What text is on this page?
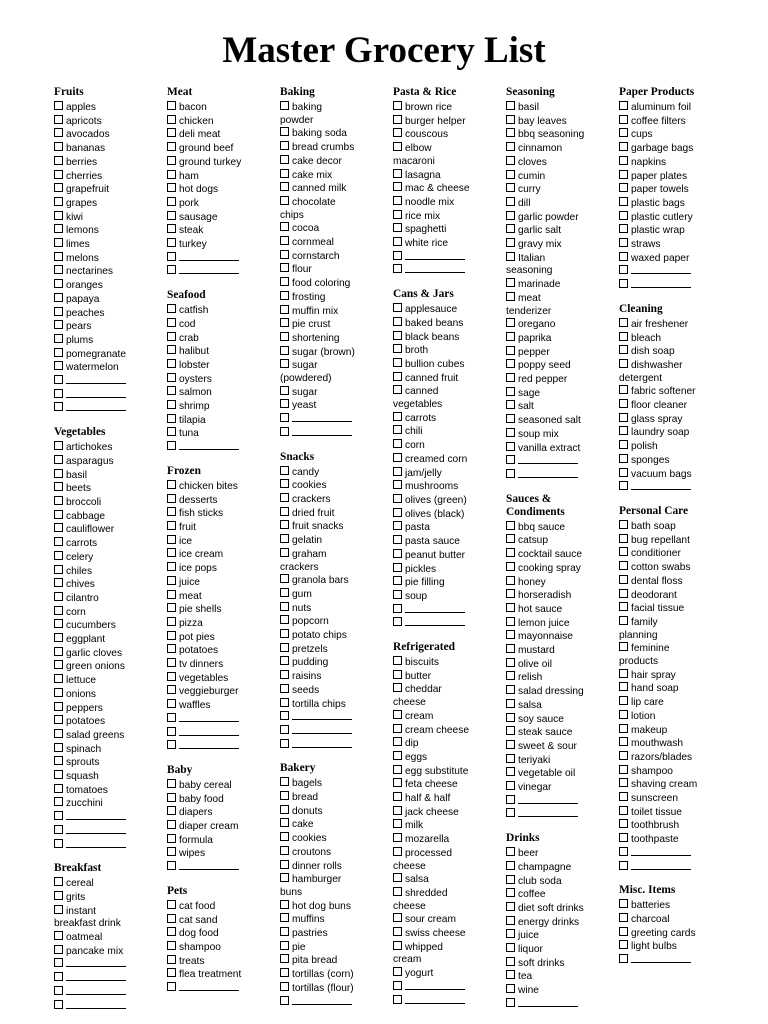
Master Grocery List
Fruits
apples
apricots
avocados
bananas
berries
cherries
grapefruit
grapes
kiwi
lemons
limes
melons
nectarines
oranges
papaya
peaches
pears
plums
pomegranate
watermelon
Vegetables
artichokes
asparagus
basil
beets
broccoli
cabbage
cauliflower
carrots
celery
chiles
chives
cilantro
corn
cucumbers
eggplant
garlic cloves
green onions
lettuce
onions
peppers
potatoes
salad greens
spinach
sprouts
squash
tomatoes
zucchini
Breakfast
cereal
grits
instant
breakfast drink
oatmeal
pancake mix
Meat
bacon
chicken
deli meat
ground beef
ground turkey
ham
hot dogs
pork
sausage
steak
turkey
Seafood
catfish
cod
crab
halibut
lobster
oysters
salmon
shrimp
tilapia
tuna
Frozen
chicken bites
desserts
fish sticks
fruit
ice
ice cream
ice pops
juice
meat
pie shells
pizza
pot pies
potatoes
tv dinners
vegetables
veggieburger
waffles
Baby
baby cereal
baby food
diapers
diaper cream
formula
wipes
Pets
cat food
cat sand
dog food
shampoo
treats
flea treatment
Baking
baking
powder
baking soda
bread crumbs
cake decor
cake mix
canned milk
chocolate
chips
cocoa
cornmeal
cornstarch
flour
food coloring
frosting
muffin mix
pie crust
shortening
sugar (brown)
sugar
(powdered)
sugar
yeast
Snacks
candy
cookies
crackers
dried fruit
fruit snacks
gelatin
graham
crackers
granola bars
gum
nuts
popcorn
potato chips
pretzels
pudding
raisins
seeds
tortilla chips
Bakery
bagels
bread
donuts
cake
cookies
croutons
dinner rolls
hamburger
buns
hot dog buns
muffins
pastries
pie
pita bread
tortillas (corn)
tortillas (flour)
Pasta & Rice
brown rice
burger helper
couscous
elbow
macaroni
lasagna
mac & cheese
noodle mix
rice mix
spaghetti
white rice
Cans & Jars
applesauce
baked beans
black beans
broth
bullion cubes
canned fruit
canned
vegetables
carrots
chili
corn
creamed corn
jam/jelly
mushrooms
olives (green)
olives (black)
pasta
pasta sauce
peanut butter
pickles
pie filling
soup
Refrigerated
biscuits
butter
cheddar
cheese
cream
cream cheese
dip
eggs
egg substitute
feta cheese
half & half
jack cheese
milk
mozarella
processed
cheese
salsa
shredded
cheese
sour cream
swiss cheese
whipped
cream
yogurt
Seasoning
basil
bay leaves
bbq seasoning
cinnamon
cloves
cumin
curry
dill
garlic powder
garlic salt
gravy mix
Italian
seasoning
marinade
meat
tenderizer
oregano
paprika
pepper
poppy seed
red pepper
sage
salt
seasoned salt
soup mix
vanilla extract
Sauces &
Condiments
bbq sauce
catsup
cocktail sauce
cooking spray
honey
horseradish
hot sauce
lemon juice
mayonnaise
mustard
olive oil
relish
salad dressing
salsa
soy sauce
steak sauce
sweet & sour
teriyaki
vegetable oil
vinegar
Drinks
beer
champagne
club soda
coffee
diet soft drinks
energy drinks
juice
liquor
soft drinks
tea
wine
Paper Products
aluminum foil
coffee filters
cups
garbage bags
napkins
paper plates
paper towels
plastic bags
plastic cutlery
plastic wrap
straws
waxed paper
Cleaning
air freshener
bleach
dish soap
dishwasher
detergent
fabric softener
floor cleaner
glass spray
laundry soap
polish
sponges
vacuum bags
Personal Care
bath soap
bug repellant
conditioner
cotton swabs
dental floss
deodorant
facial tissue
family
planning
feminine
products
hair spray
hand soap
lip care
lotion
makeup
mouthwash
razors/blades
shampoo
shaving cream
sunscreen
toilet tissue
toothbrush
toothpaste
Misc. Items
batteries
charcoal
greeting cards
light bulbs
